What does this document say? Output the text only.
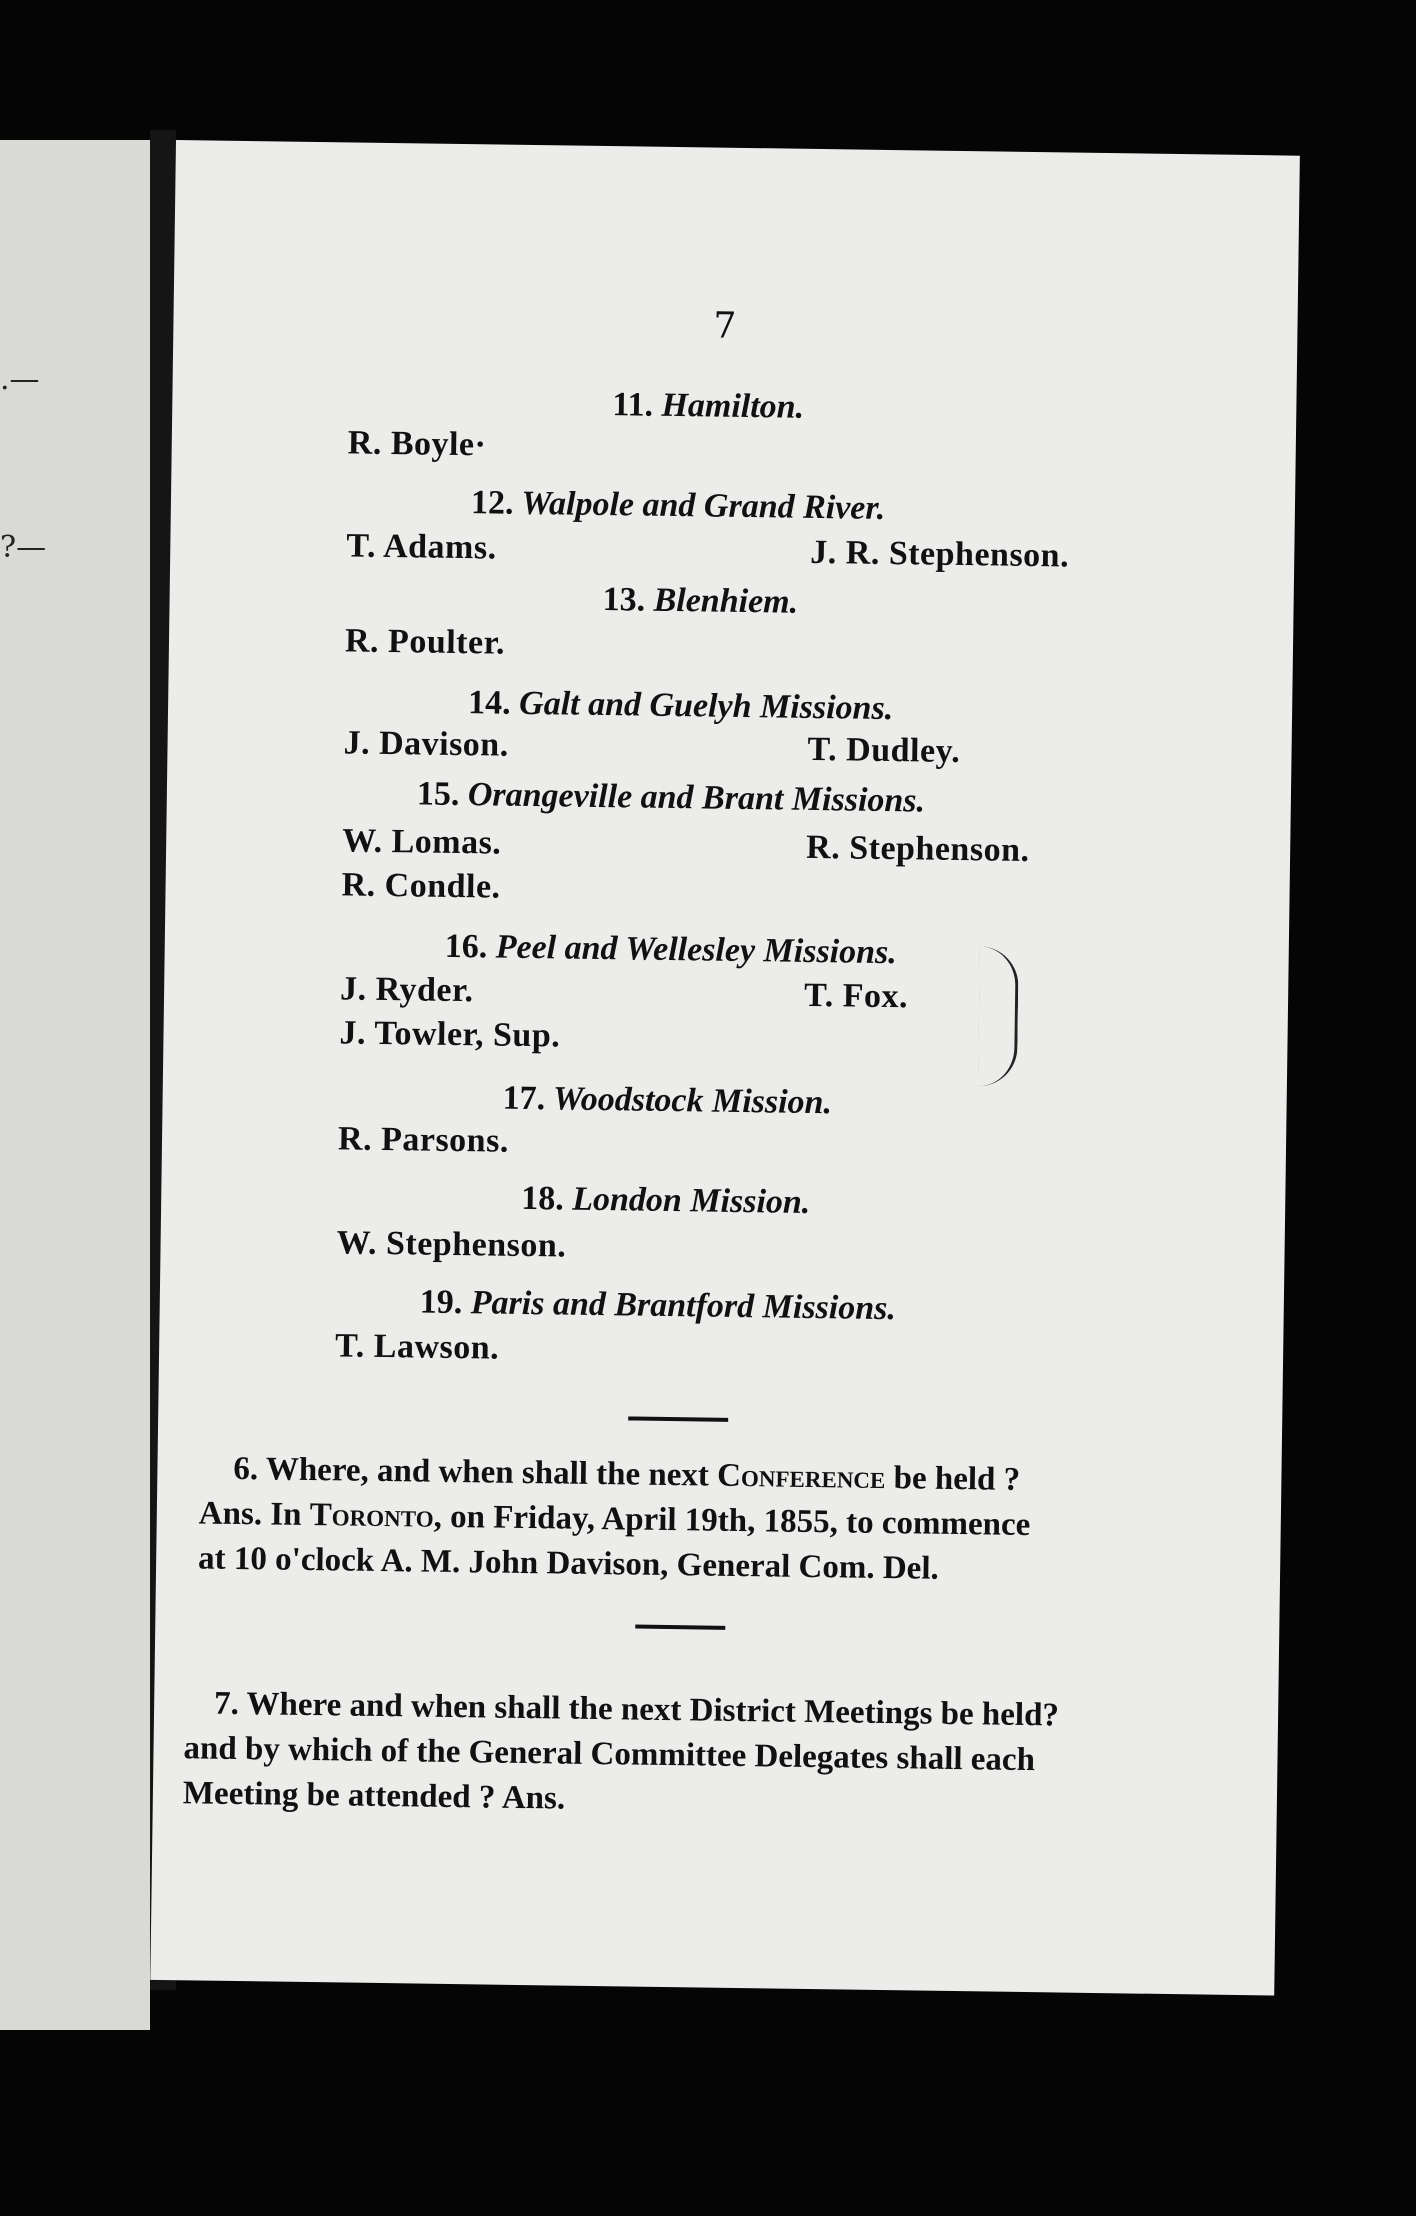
.—
?—
7
11. Hamilton.
R. Boyle·
12. Walpole and Grand River.
T. Adams.	J. R. Stephenson.
13. Blenhiem.
R. Poulter.
14. Galt and Guelyh Missions.
J. Davison.	T. Dudley.
15. Orangeville and Brant Missions.
W. Lomas.	R. Stephenson.
R. Condle.
16. Peel and Wellesley Missions.
J. Ryder.	T. Fox.
J. Towler, Sup.
17. Woodstock Mission.
R. Parsons.
18. London Mission.
W. Stephenson.
19. Paris and Brantford Missions.
T. Lawson.
6. Where, and when shall the next Conference be held ?
Ans. In Toronto, on Friday, April 19th, 1855, to commence
at 10 o'clock A. M. John Davison, General Com. Del.
7. Where and when shall the next District Meetings be held?
and by which of the General Committee Delegates shall each
Meeting be attended ? Ans.
